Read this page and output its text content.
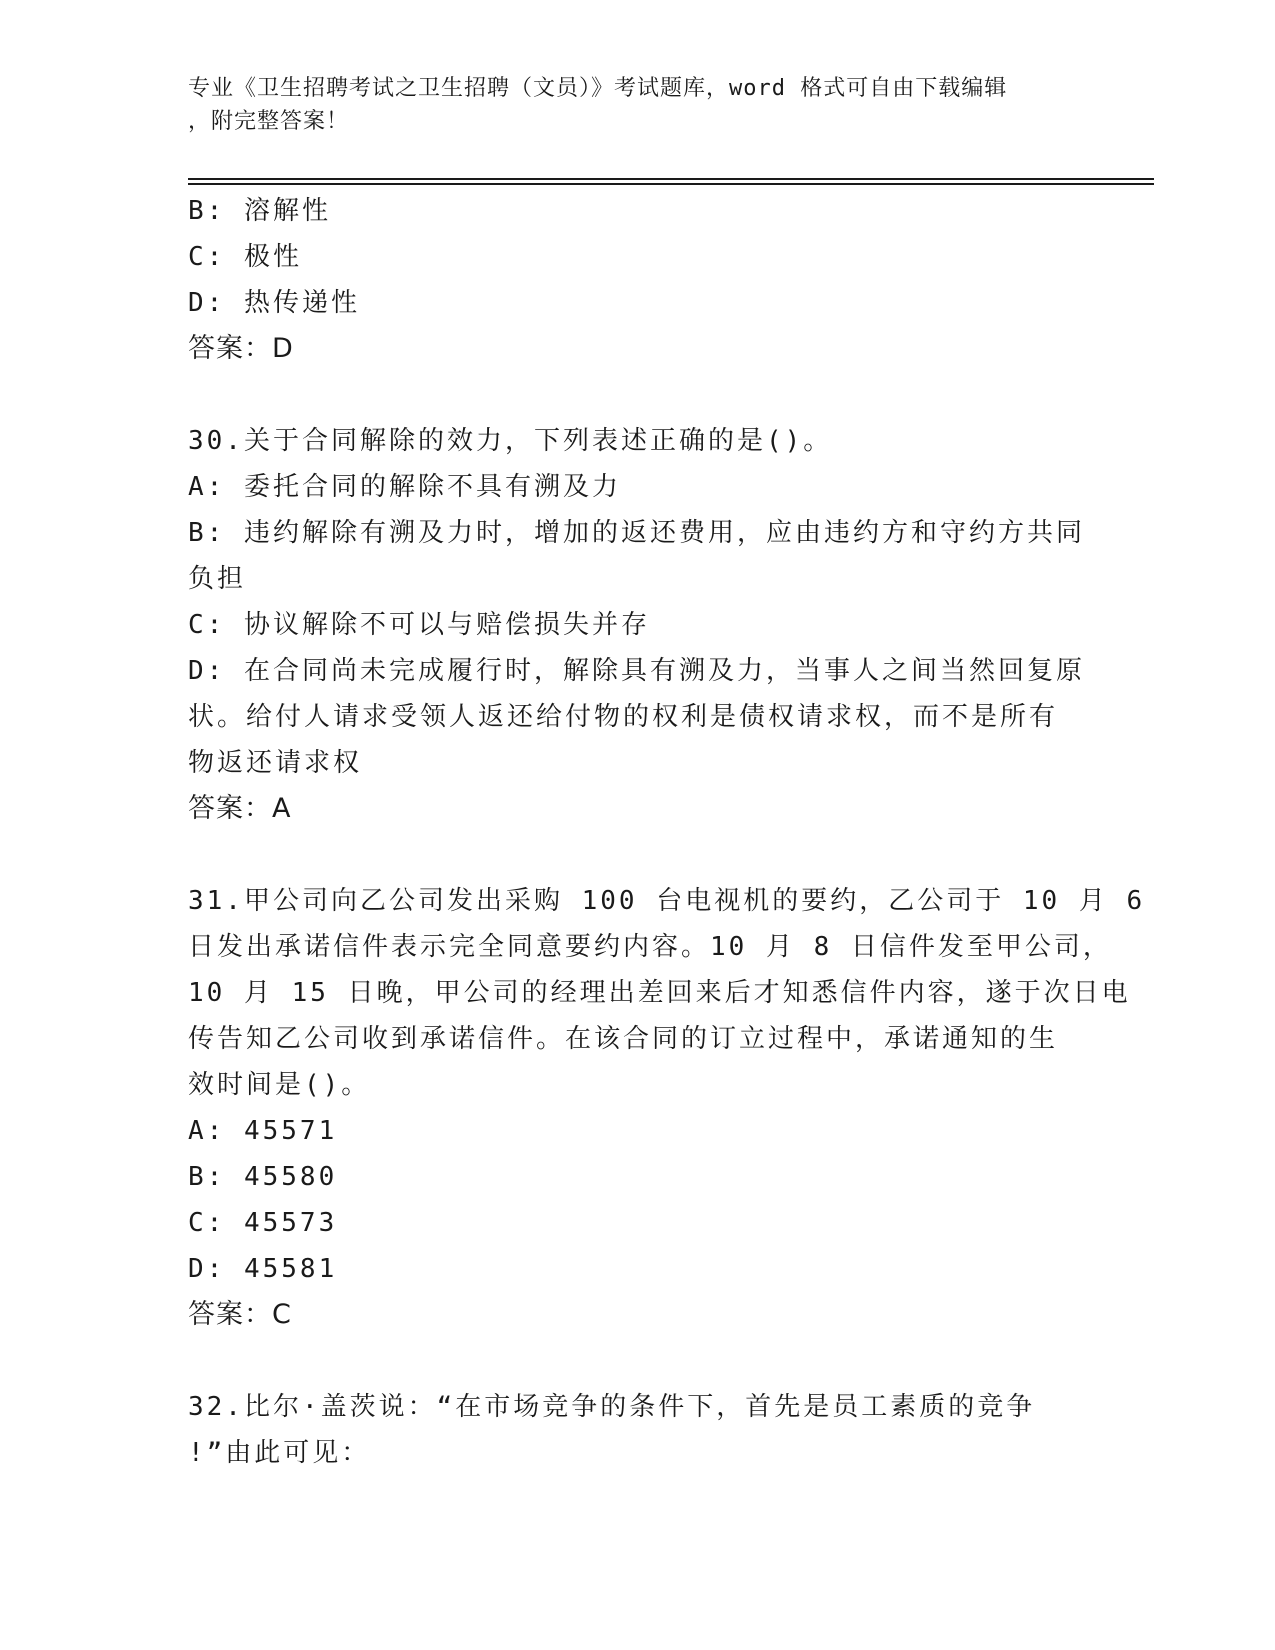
专业《卫生招聘考试之卫生招聘（文员）》考试题库，word 格式可自由下载编辑
，附完整答案！
B: 溶解性
C: 极性
D: 热传递性
答案：D
30.关于合同解除的效力，下列表述正确的是()。
A: 委托合同的解除不具有溯及力
B: 违约解除有溯及力时，增加的返还费用，应由违约方和守约方共同
负担
C: 协议解除不可以与赔偿损失并存
D: 在合同尚未完成履行时，解除具有溯及力，当事人之间当然回复原
状。给付人请求受领人返还给付物的权利是债权请求权，而不是所有
物返还请求权
答案：A
31.甲公司向乙公司发出采购 100 台电视机的要约，乙公司于 10 月 6
日发出承诺信件表示完全同意要约内容。10 月 8 日信件发至甲公司，
10 月 15 日晚，甲公司的经理出差回来后才知悉信件内容，遂于次日电
传告知乙公司收到承诺信件。在该合同的订立过程中，承诺通知的生
效时间是()。
A: 45571
B: 45580
C: 45573
D: 45581
答案：C
32.比尔·盖茨说：“在市场竞争的条件下，首先是员工素质的竞争
!”由此可见：
